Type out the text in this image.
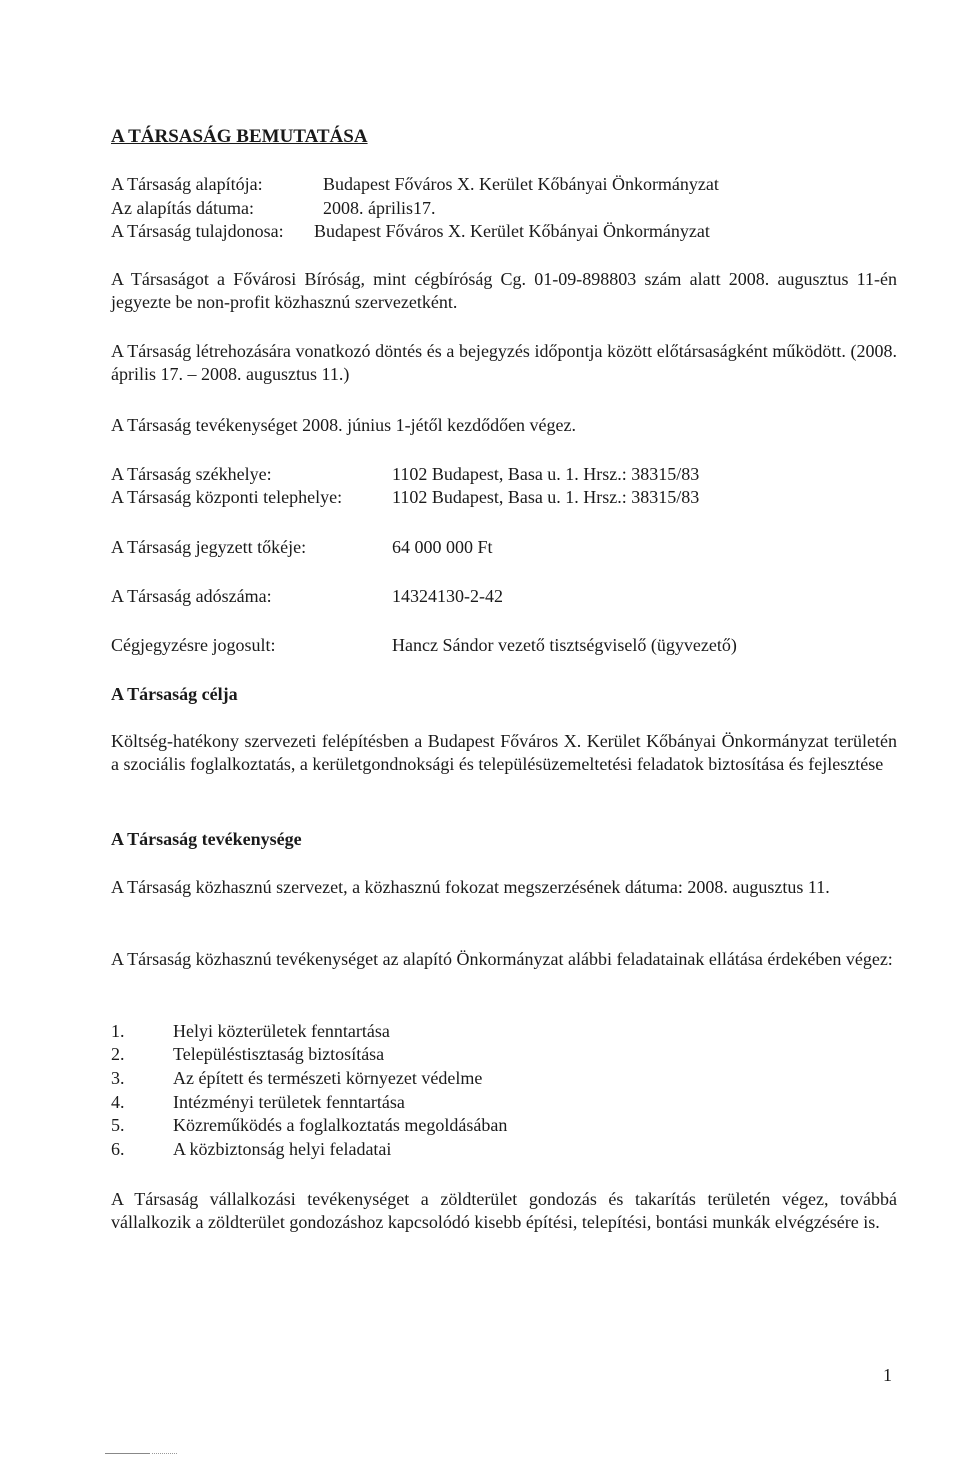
A TÁRSASÁG BEMUTATÁSA
A Társaság alapítója:	Budapest Főváros X. Kerület Kőbányai Önkormányzat
Az alapítás dátuma:	2008. április17.
A Társaság tulajdonosa: Budapest Főváros X. Kerület Kőbányai Önkormányzat
A Társaságot a Fővárosi Bíróság, mint cégbíróság Cg. 01-09-898803 szám alatt 2008. augusztus 11-én jegyezte be non-profit közhasznú szervezetként.
A Társaság létrehozására vonatkozó döntés és a bejegyzés időpontja között előtársaságként működött. (2008. április 17. – 2008. augusztus 11.)
A Társaság tevékenységet 2008. június 1-jétől kezdődően végez.
A Társaság székhelye:	1102 Budapest, Basa u. 1. Hrsz.: 38315/83
A Társaság központi telephelye:	1102 Budapest, Basa u. 1. Hrsz.: 38315/83
A Társaság jegyzett tőkéje:	64 000 000 Ft
A Társaság adószáma:	14324130-2-42
Cégjegyzésre jogosult:	Hancz Sándor vezető tisztségviselő (ügyvezető)
A Társaság célja
Költség-hatékony szervezeti felépítésben a Budapest Főváros X. Kerület Kőbányai Önkormányzat területén a szociális foglalkoztatás, a kerületgondnoksági és településüzemeltetési feladatok biztosítása és fejlesztése
A Társaság tevékenysége
A Társaság közhasznú szervezet, a közhasznú fokozat megszerzésének dátuma: 2008. augusztus 11.
A Társaság közhasznú tevékenységet az alapító Önkormányzat alábbi feladatainak ellátása érdekében végez:
1.	Helyi közterületek fenntartása
2.	Településtisztaság biztosítása
3.	Az épített és természeti környezet védelme
4.	Intézményi területek fenntartása
5.	Közreműködés a foglalkoztatás megoldásában
6.	A közbiztonság helyi feladatai
A Társaság vállalkozási tevékenységet a zöldterület gondozás és takarítás területén végez, továbbá vállalkozik a zöldterület gondozáshoz kapcsolódó kisebb építési, telepítési, bontási munkák elvégzésére is.
1
